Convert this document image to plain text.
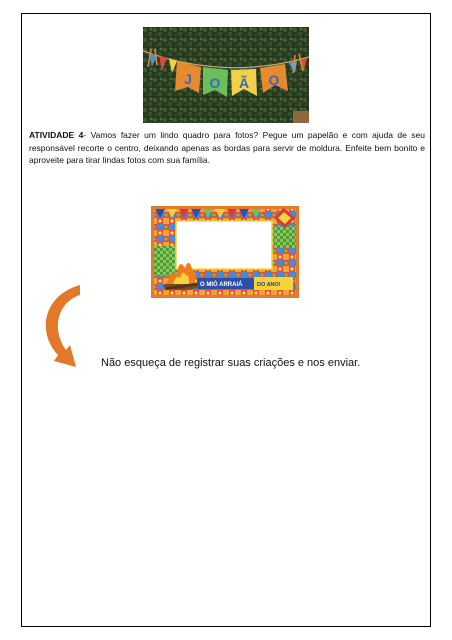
J O Ã O

ATIVIDADE 4- Vamos fazer um lindo quadro para fotos? Pegue um papelão e com ajuda de seu responsável recorte o centro, deixando apenas as bordas para servir de moldura. Enfeite bem bonito e aproveite para tirar lindas fotos com sua família.

O MIÓ ARRAIÁ	DO ANO!

Não esqueça de registrar suas criações e nos enviar.
